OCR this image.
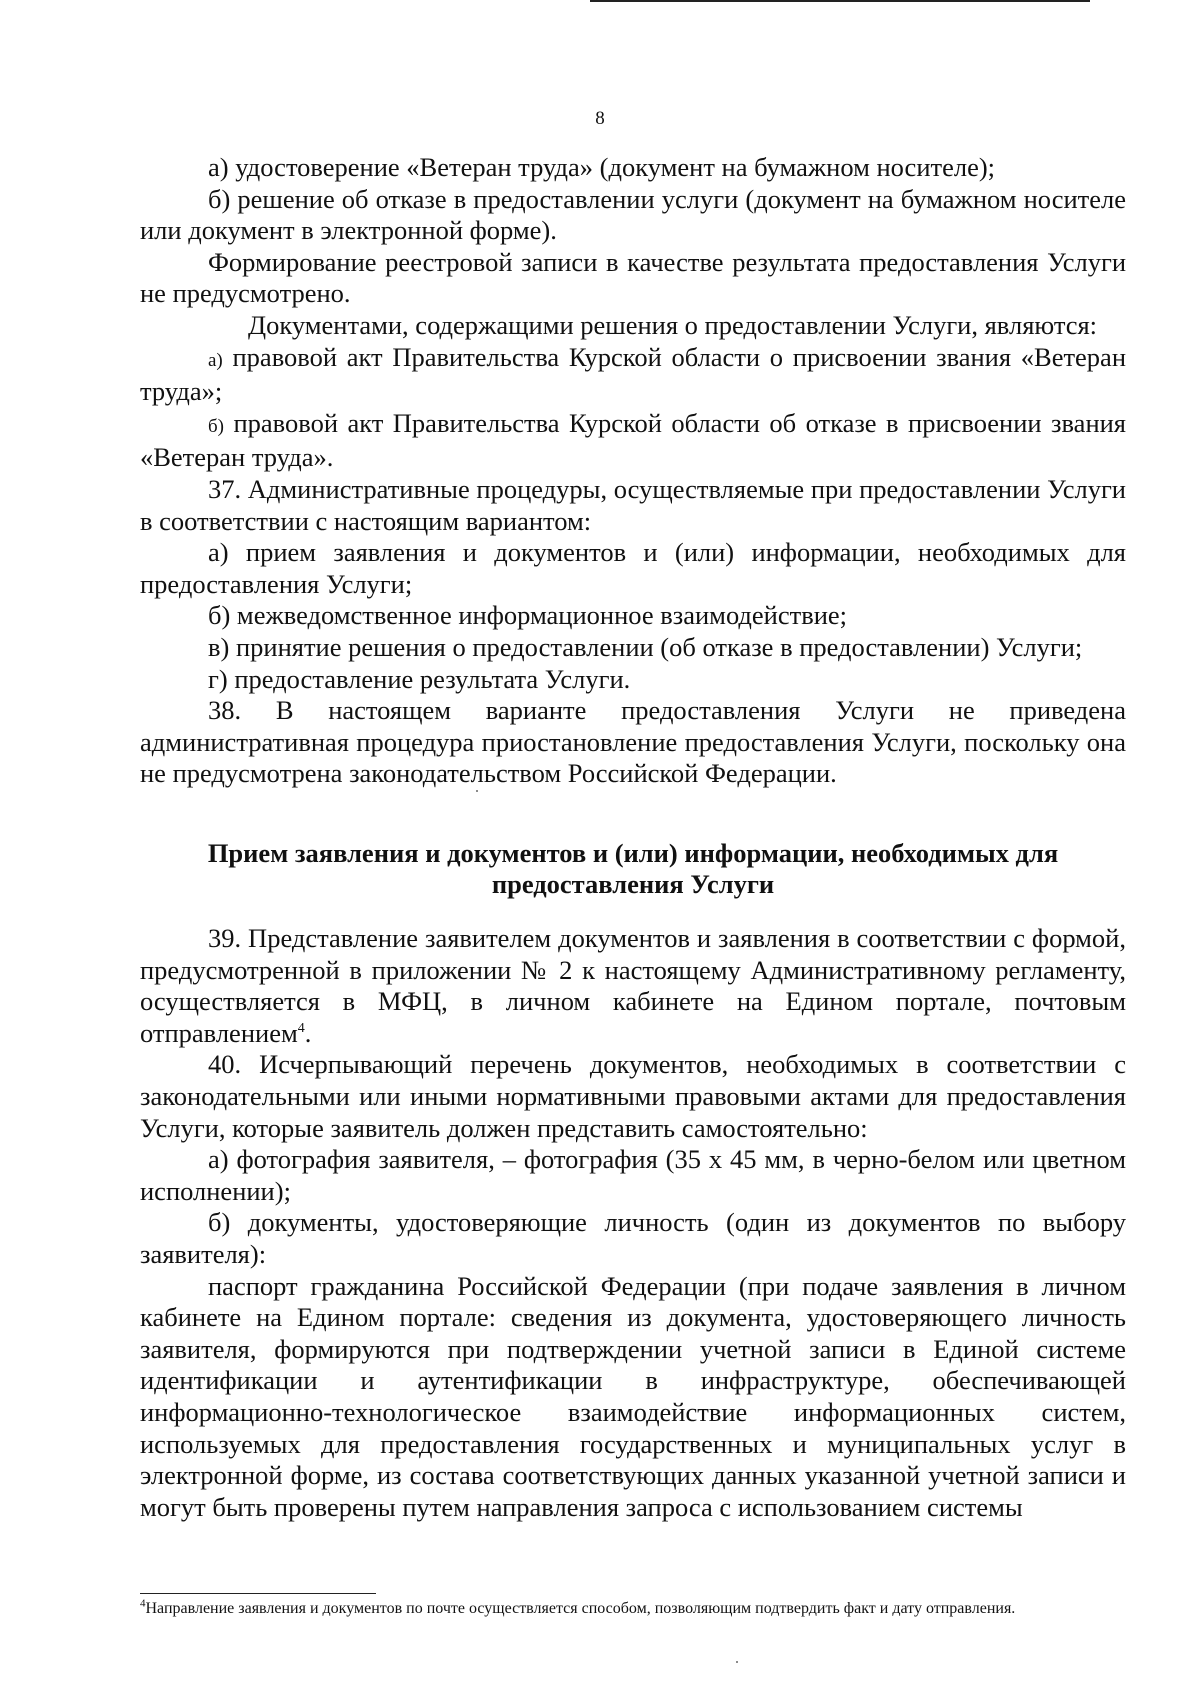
8

а) удостоверение «Ветеран труда» (документ на бумажном носителе);

б) решение об отказе в предоставлении услуги (документ на бумажном носителе или документ в электронной форме).

Формирование реестровой записи в качестве результата предоставления Услуги не предусмотрено.

Документами, содержащими решения о предоставлении Услуги, являются:

а) правовой акт Правительства Курской области о присвоении звания «Ветеран труда»;

б) правовой акт Правительства Курской области об отказе в присвоении звания «Ветеран труда».

37. Административные процедуры, осуществляемые при предоставлении Услуги в соответствии с настоящим вариантом:

а) прием заявления и документов и (или) информации, необходимых для предоставления Услуги;

б) межведомственное информационное взаимодействие;

в) принятие решения о предоставлении (об отказе в предоставлении) Услуги;

г) предоставление результата Услуги.

38. В настоящем варианте предоставления Услуги не приведена административная процедура приостановление предоставления Услуги, поскольку она не предусмотрена законодательством Российской Федерации.

Прием заявления и документов и (или) информации, необходимых для
предоставления Услуги

39. Представление заявителем документов и заявления в соответствии с формой, предусмотренной в приложении № 2 к настоящему Административному регламенту, осуществляется в МФЦ, в личном кабинете на Едином портале, почтовым отправлением$^4$.

40. Исчерпывающий перечень документов, необходимых в соответствии с законодательными или иными нормативными правовыми актами для предоставления Услуги, которые заявитель должен представить самостоятельно:

а) фотография заявителя, – фотография (35 х 45 мм, в черно-белом или цветном исполнении);

б) документы, удостоверяющие личность (один из документов по выбору заявителя):

паспорт гражданина Российской Федерации (при подаче заявления в личном кабинете на Едином портале: сведения из документа, удостоверяющего личность заявителя, формируются при подтверждении учетной записи в Единой системе идентификации и аутентификации в инфраструктуре, обеспечивающей информационно-технологическое взаимодействие информационных систем, используемых для предоставления государственных и муниципальных услуг в электронной форме, из состава соответствующих данных указанной учетной записи и могут быть проверены путем направления запроса с использованием системы

$^4$Направление заявления и документов по почте осуществляется способом, позволяющим подтвердить факт и дату отправления.
